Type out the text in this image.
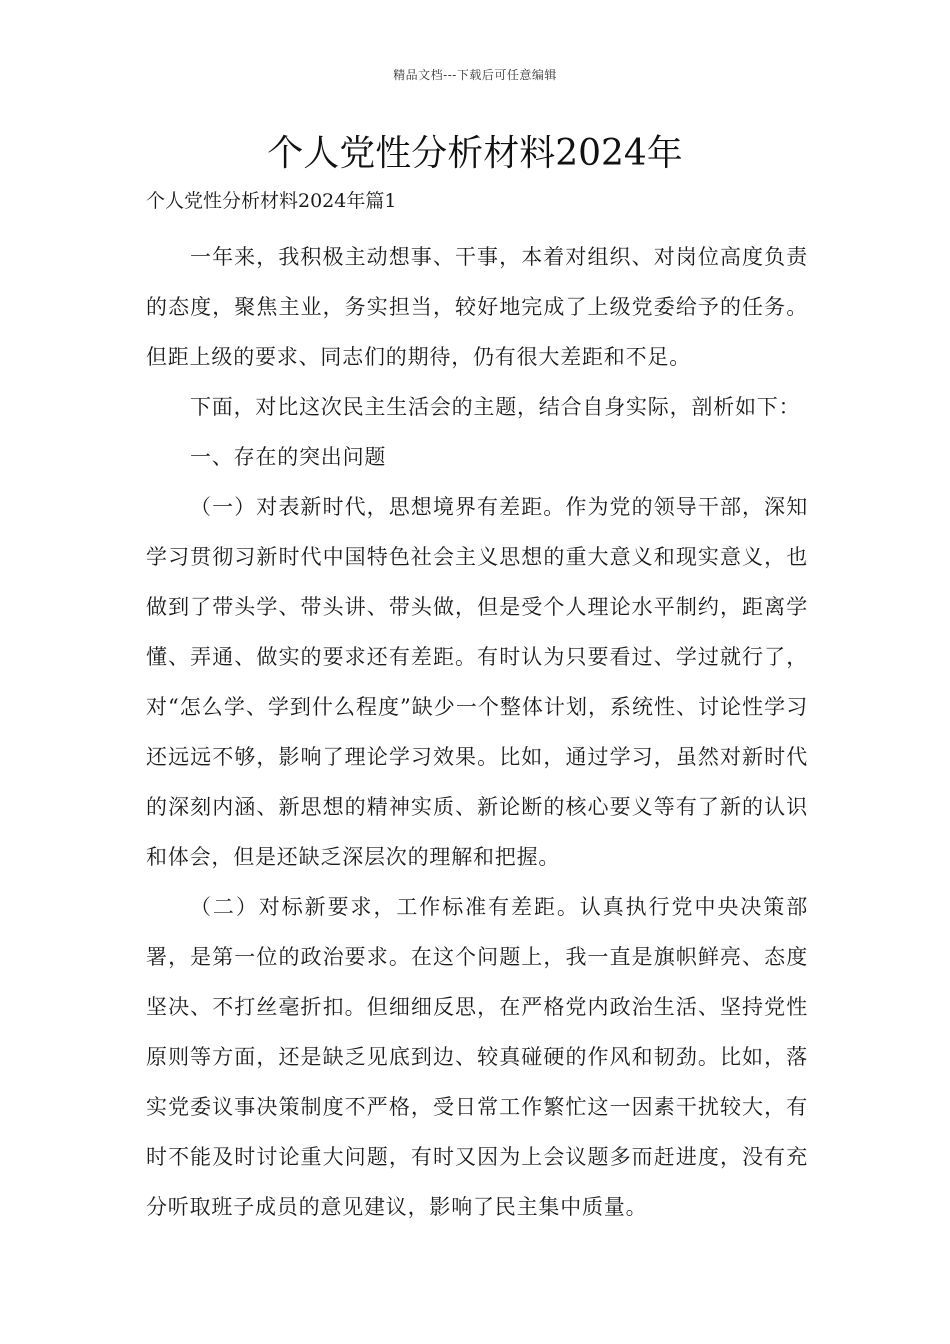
精品文档---下载后可任意编辑
个人党性分析材料2024年

个人党性分析材料2024年篇1

一年来，我积极主动想事、干事，本着对组织、对岗位高度负责的态度，聚焦主业，务实担当，较好地完成了上级党委给予的任务。但距上级的要求、同志们的期待，仍有很大差距和不足。

下面，对比这次民主生活会的主题，结合自身实际，剖析如下：

一、存在的突出问题

（一）对表新时代，思想境界有差距。作为党的领导干部，深知学习贯彻习新时代中国特色社会主义思想的重大意义和现实意义，也做到了带头学、带头讲、带头做，但是受个人理论水平制约，距离学懂、弄通、做实的要求还有差距。有时认为只要看过、学过就行了，对“怎么学、学到什么程度”缺少一个整体计划，系统性、讨论性学习还远远不够，影响了理论学习效果。比如，通过学习，虽然对新时代的深刻内涵、新思想的精神实质、新论断的核心要义等有了新的认识和体会，但是还缺乏深层次的理解和把握。

（二）对标新要求，工作标准有差距。认真执行党中央决策部署，是第一位的政治要求。在这个问题上，我一直是旗帜鲜亮、态度坚决、不打丝毫折扣。但细细反思，在严格党内政治生活、坚持党性原则等方面，还是缺乏见底到边、较真碰硬的作风和韧劲。比如，落实党委议事决策制度不严格，受日常工作繁忙这一因素干扰较大，有时不能及时讨论重大问题，有时又因为上会议题多而赶进度，没有充分听取班子成员的意见建议，影响了民主集中质量。
